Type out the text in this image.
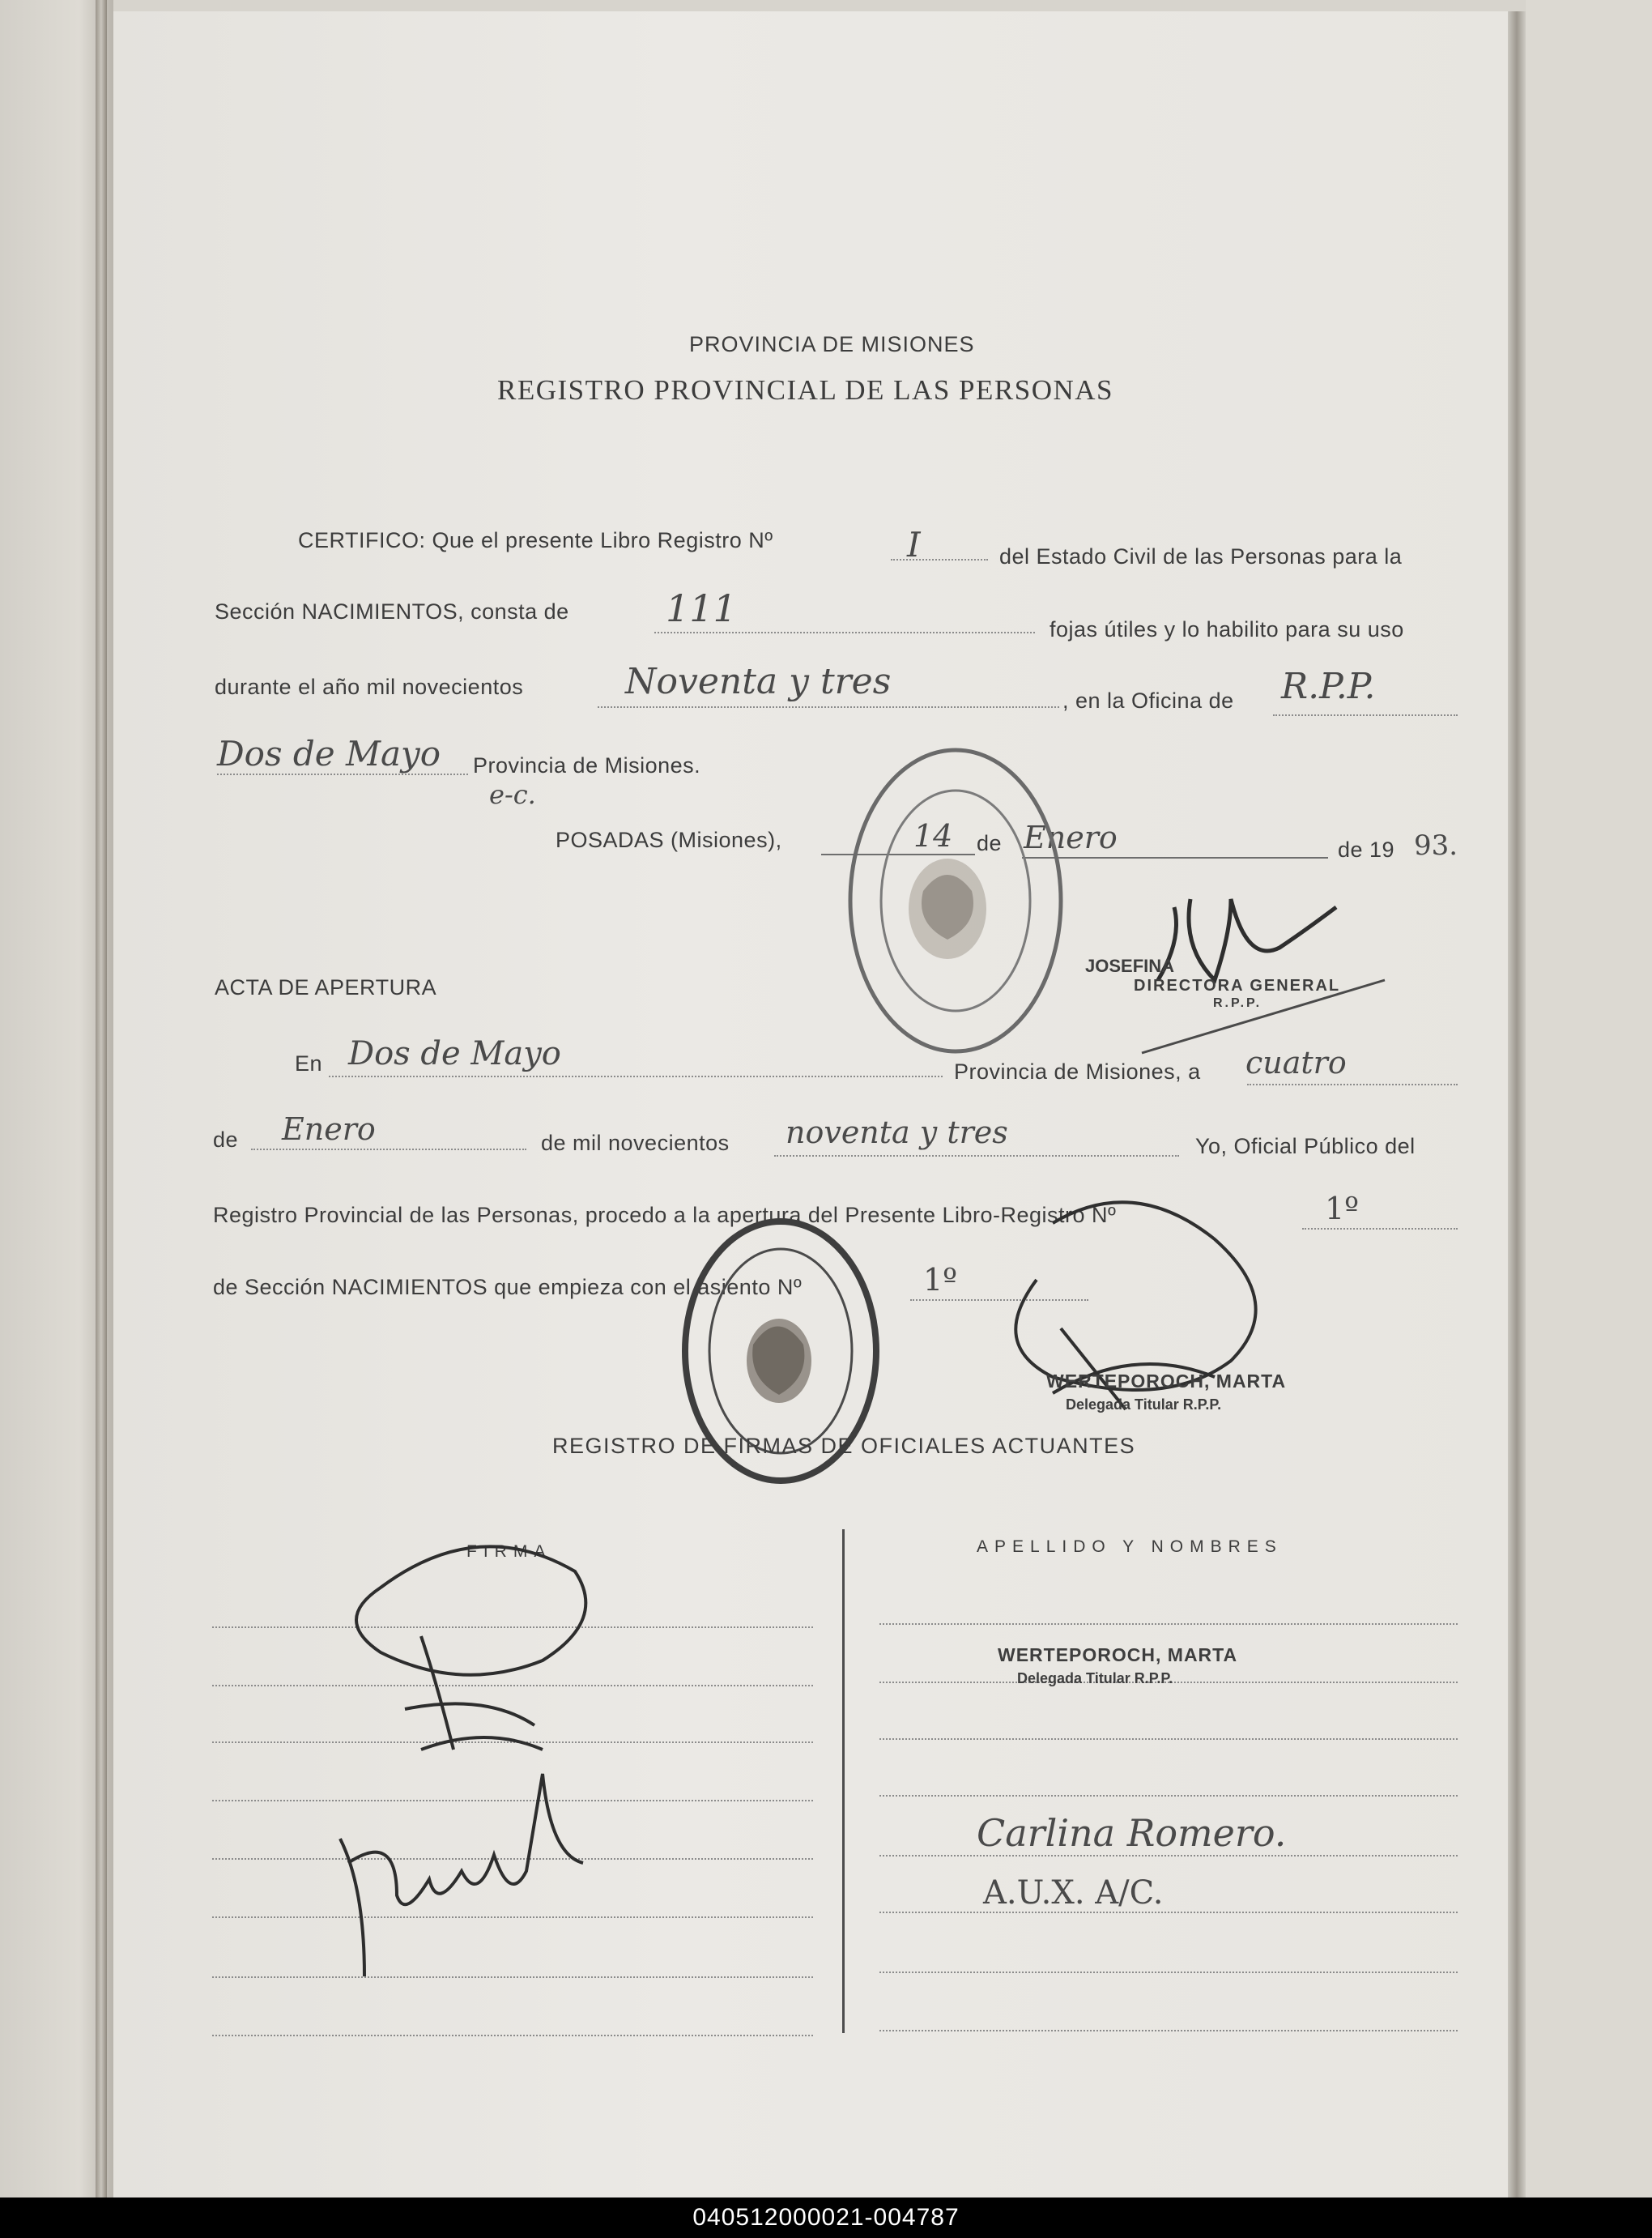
PROVINCIA DE MISIONES
REGISTRO PROVINCIAL DE LAS PERSONAS
CERTIFICO: Que el presente Libro Registro Nº	I	del Estado Civil de las Personas para la
Sección NACIMIENTOS, consta de	111	fojas útiles y lo habilito para su uso
durante el año mil novecientos	Noventa y tres	, en la Oficina de R.P.P.
Dos de Mayo Provincia de Misiones.
e-c.
POSADAS (Misiones),	14 de Enero	de 19 93.
JOSEFINA
DIRECTORA GENERAL
R.P.P.
ACTA DE APERTURA
En Dos de Mayo	Provincia de Misiones, a cuatro
de Enero	de mil novecientos noventa y tres	Yo, Oficial Público del
Registro Provincial de las Personas, procedo a la apertura del Presente Libro-Registro Nº	1º
de Sección NACIMIENTOS que empieza con el asiento Nº	1º
WERTEPOROCH, MARTA
Delegada Titular R.P.P.
REGISTRO DE FIRMAS DE OFICIALES ACTUANTES
FIRMA	APELLIDO Y NOMBRES
WERTEPOROCH, MARTA
Delegada Titular R.P.P.
Carlina Romero.
A.U.X. A/C.
040512000021-004787
